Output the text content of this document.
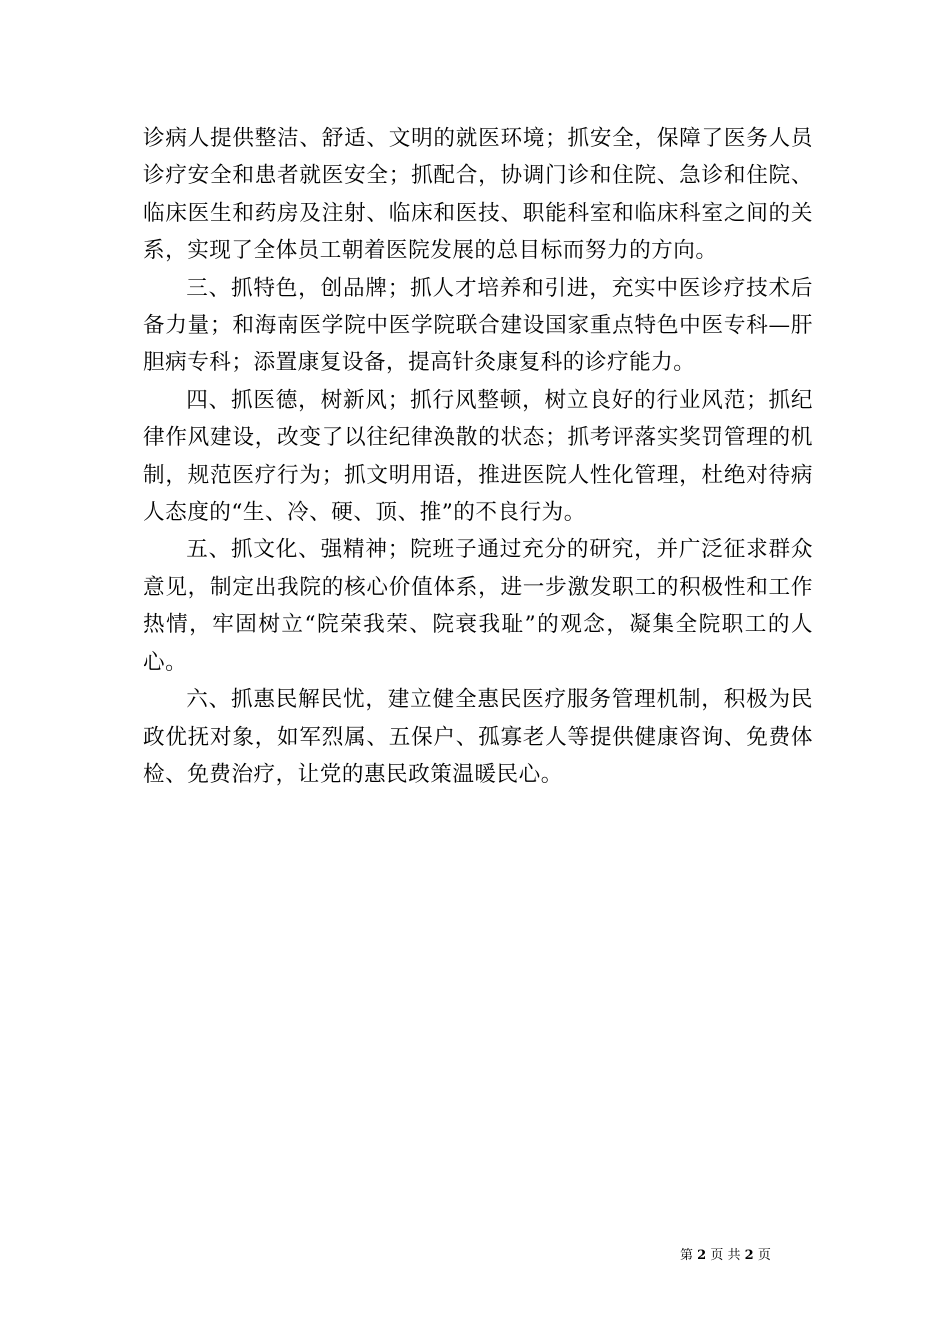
诊病人提供整洁、舒适、文明的就医环境；抓安全，保障了医务人员诊疗安全和患者就医安全；抓配合，协调门诊和住院、急诊和住院、临床医生和药房及注射、临床和医技、职能科室和临床科室之间的关系，实现了全体员工朝着医院发展的总目标而努力的方向。

三、抓特色，创品牌；抓人才培养和引进，充实中医诊疗技术后备力量；和海南医学院中医学院联合建设国家重点特色中医专科—肝胆病专科；添置康复设备，提高针灸康复科的诊疗能力。

四、抓医德，树新风；抓行风整顿，树立良好的行业风范；抓纪律作风建设，改变了以往纪律涣散的状态；抓考评落实奖罚管理的机制，规范医疗行为；抓文明用语，推进医院人性化管理，杜绝对待病人态度的“生、冷、硬、顶、推”的不良行为。

五、抓文化、强精神；院班子通过充分的研究，并广泛征求群众意见，制定出我院的核心价值体系，进一步激发职工的积极性和工作热情，牢固树立“院荣我荣、院衰我耻”的观念，凝集全院职工的人心。

六、抓惠民解民忧，建立健全惠民医疗服务管理机制，积极为民政优抚对象，如军烈属、五保户、孤寡老人等提供健康咨询、免费体检、免费治疗，让党的惠民政策温暖民心。

第 2 页 共 2 页
